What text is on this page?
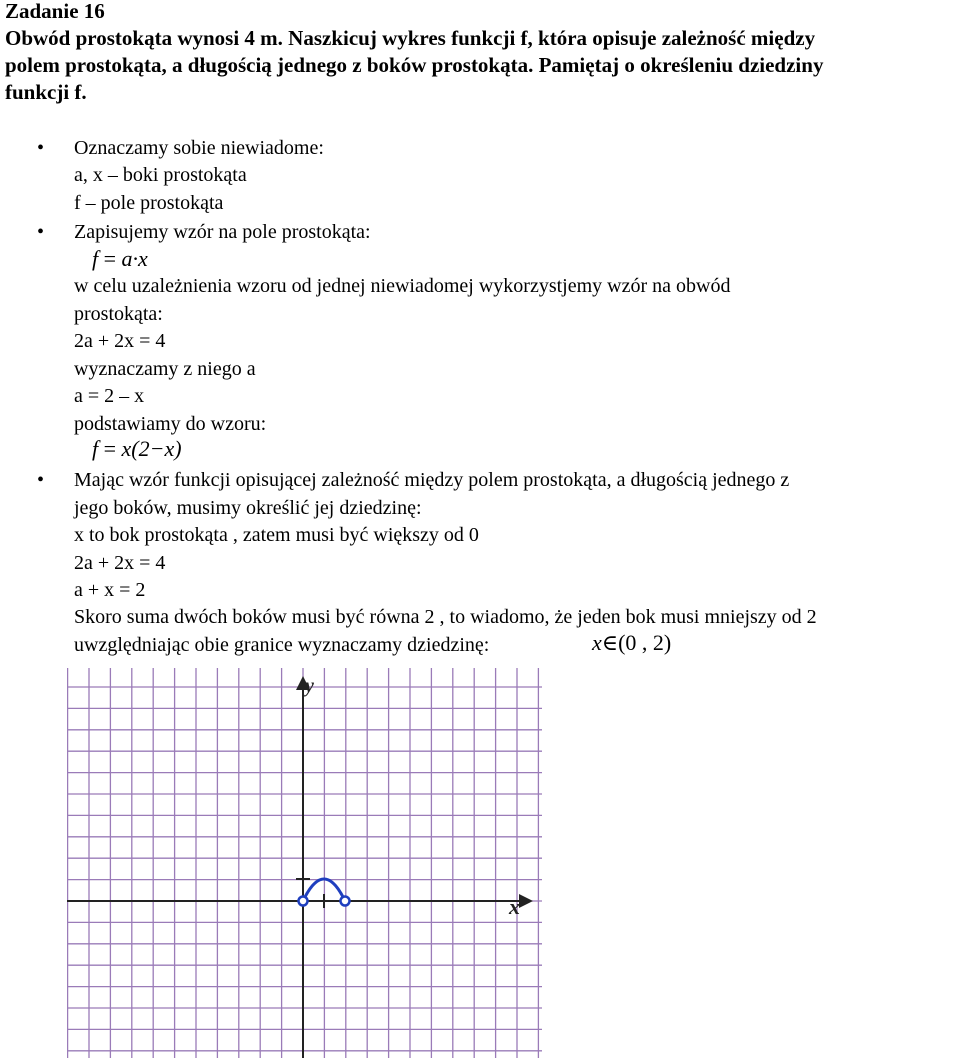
Zadanie 16
Obwód prostokąta wynosi 4 m. Naszkicuj wykres funkcji f, która opisuje zależność między
polem prostokąta, a długością jednego z boków prostokąta. Pamiętaj o określeniu dziedziny
funkcji f.
• Oznaczamy sobie niewiadome:
a, x – boki prostokąta
f – pole prostokąta
• Zapisujemy wzór na pole prostokąta:
f = a·x
w celu uzależnienia wzoru od jednej niewiadomej wykorzystjemy wzór na obwód
prostokąta:
2a + 2x = 4
wyznaczamy z niego a
a = 2 – x
podstawiamy do wzoru:
f = x(2−x)
• Mając wzór funkcji opisującej zależność między polem prostokąta, a długością jednego z
jego boków, musimy określić jej dziedzinę:
x to bok prostokąta , zatem musi być większy od 0
2a + 2x = 4
a + x = 2
Skoro suma dwóch boków musi być równa 2 , to wiadomo, że jeden bok musi mniejszy od 2
uwzględniając obie granice wyznaczamy dziedzinę:	x∈(0 , 2)
x
y
